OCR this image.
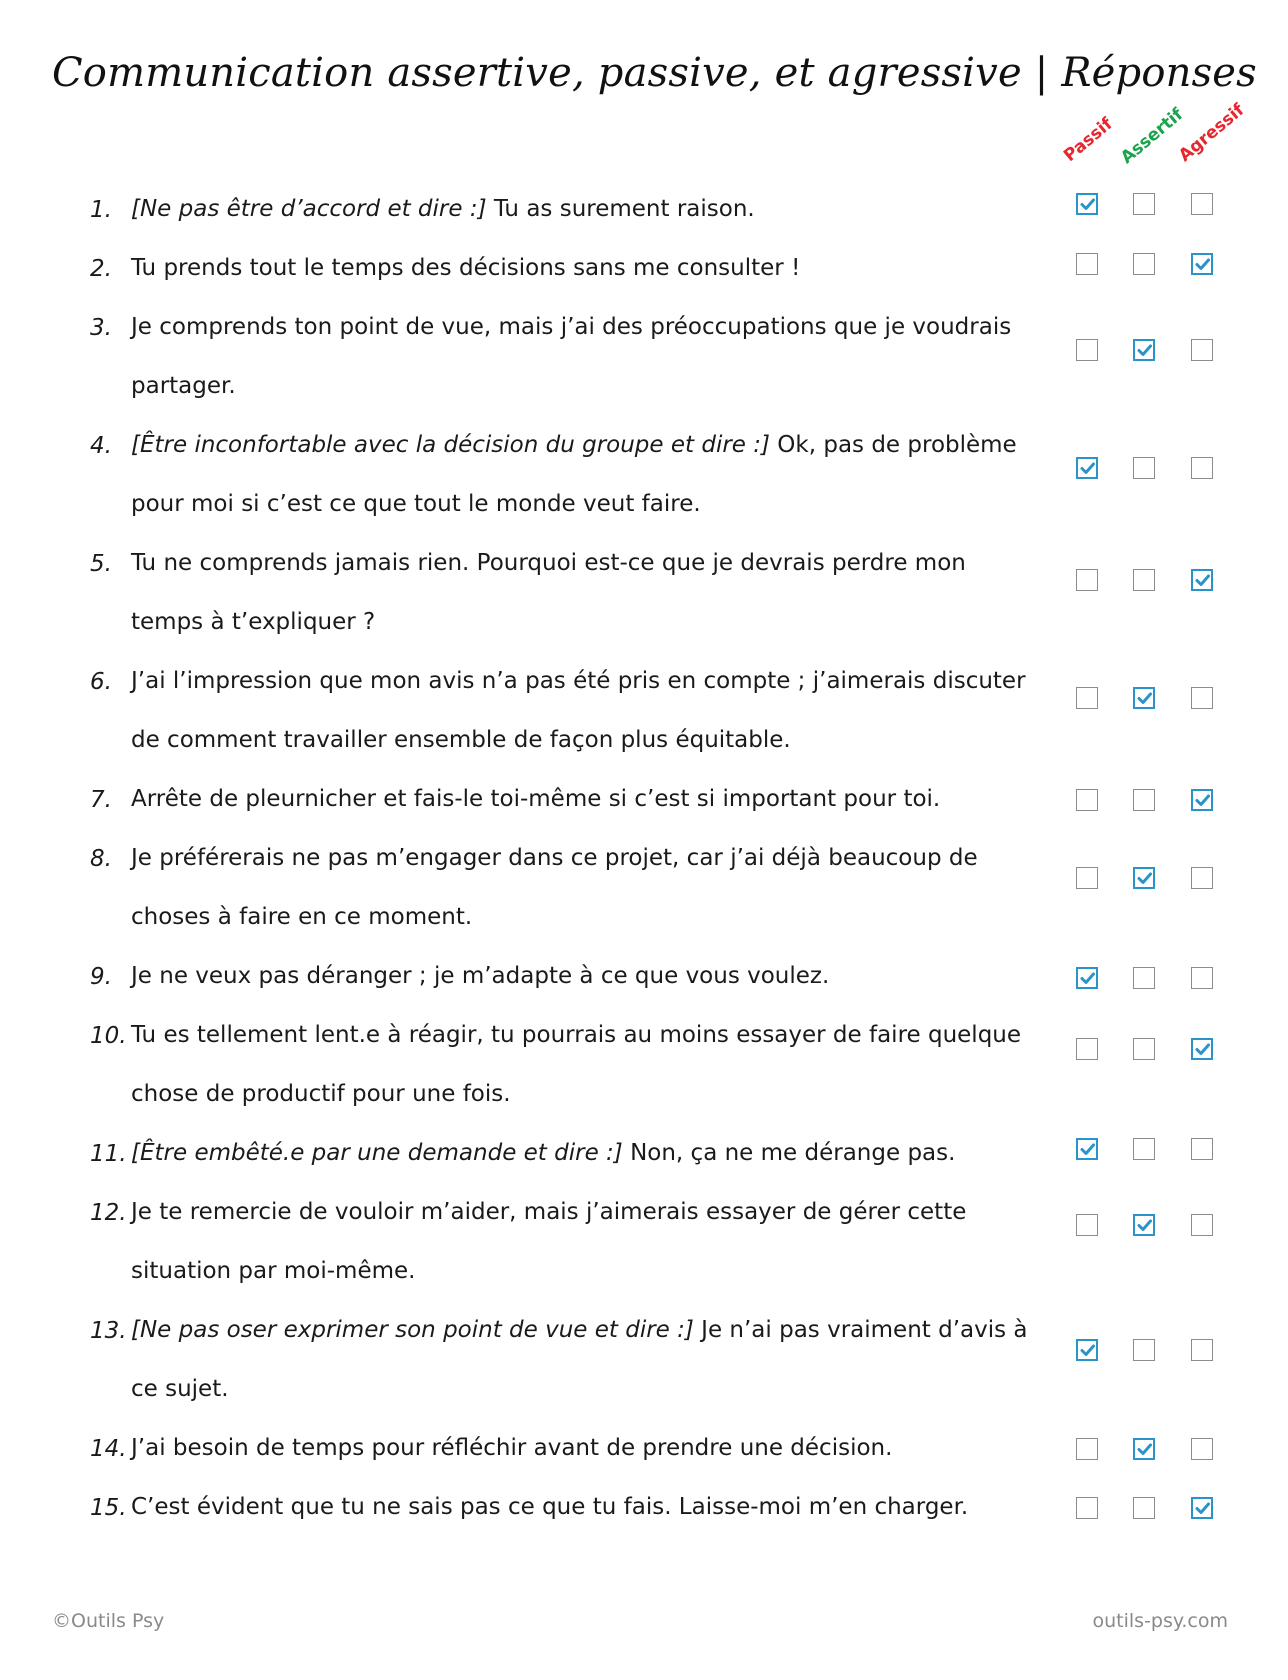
Communication assertive, passive, et agressive | Réponses
Passif Assertif
Agressif
1. [Ne pas être d’accord et dire :] Tu as surement raison.
2. Tu prends tout le temps des décisions sans me consulter !
3. Je comprends ton point de vue, mais j’ai des préoccupations que je voudrais partager.
4. [Être inconfortable avec la décision du groupe et dire :] Ok, pas de problème pour moi si c’est ce que tout le monde veut faire.
5. Tu ne comprends jamais rien. Pourquoi est-ce que je devrais perdre mon temps à t’expliquer ?
6. J’ai l’impression que mon avis n’a pas été pris en compte ; j’aimerais discuter de comment travailler ensemble de façon plus équitable.
7. Arrête de pleurnicher et fais-le toi-même si c’est si important pour toi.
8. Je préférerais ne pas m’engager dans ce projet, car j’ai déjà beaucoup de choses à faire en ce moment.
9. Je ne veux pas déranger ; je m’adapte à ce que vous voulez.
10. Tu es tellement lent.e à réagir, tu pourrais au moins essayer de faire quelque chose de productif pour une fois.
11. [Être embêté.e par une demande et dire :] Non, ça ne me dérange pas.
12. Je te remercie de vouloir m’aider, mais j’aimerais essayer de gérer cette situation par moi-même.
13. [Ne pas oser exprimer son point de vue et dire :] Je n’ai pas vraiment d’avis à ce sujet.
14. J’ai besoin de temps pour réfléchir avant de prendre une décision.
15. C’est évident que tu ne sais pas ce que tu fais. Laisse-moi m’en charger.
©Outils Psy	outils-psy.com
